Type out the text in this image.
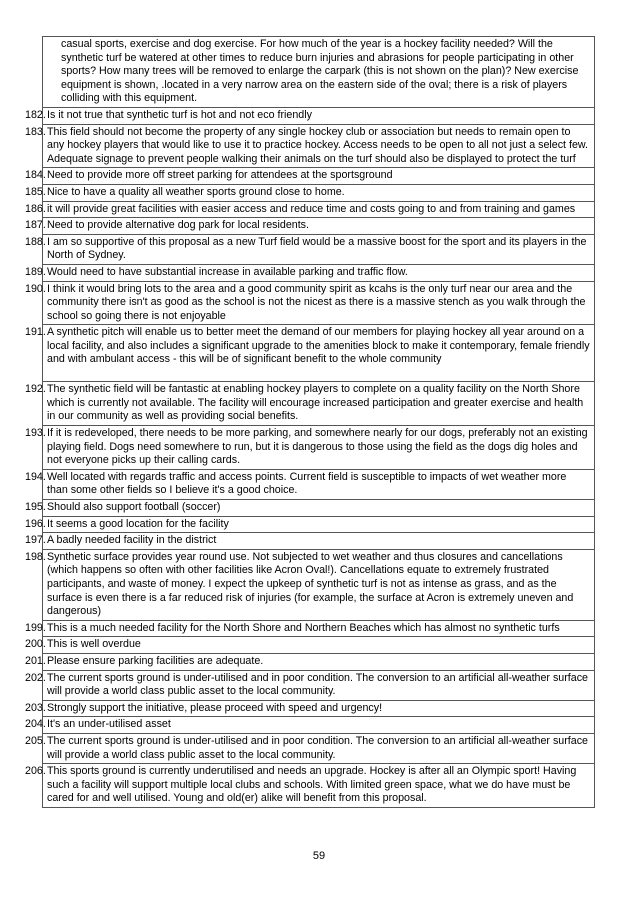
casual sports, exercise and dog exercise. For how much of the year is a hockey facility needed? Will the synthetic turf be watered at other times to reduce burn injuries and abrasions for people participating in other sports? How many trees will be removed to enlarge the carpark (this is not shown on the plan)? New exercise equipment is shown, .located in a very narrow area on the eastern side of the oval; there is a risk of players colliding with this equipment.
182.Is it not true that synthetic turf is hot and not eco friendly
183.This field should not become the property of any single hockey club or association but needs to remain open to any hockey players that would like to use it to practice hockey. Access needs to be open to all not just a select few. Adequate signage to prevent people walking their animals on the turf should also be displayed to protect the turf
184.Need to provide more off street parking for attendees at the sportsground
185.Nice to have a quality all weather sports ground close to home.
186.it will provide great facilities with easier access and reduce time and costs going to and from training and games
187.Need to provide alternative dog park for local residents.
188.I am so supportive of this proposal as a new Turf field would be a massive boost for the sport and its players in the North of Sydney.
189.Would need to have substantial increase in available parking and traffic flow.
190.I think it would bring lots to the area and a good community spirit as kcahs is the only turf near our area and the community there isn't as good as the school is not the nicest as there is a massive stench as you walk through the school so going there is not enjoyable
191.A synthetic pitch will enable us to better meet the demand of our members for playing hockey all year around on a local facility, and also includes a significant upgrade to the amenities block to make it contemporary, female friendly and with ambulant access - this will be of significant benefit to the whole community
192.The synthetic field will be fantastic at enabling hockey players to complete on a quality facility on the North Shore which is currently not available. The facility will encourage increased participation and greater exercise and health in our community as well as providing social benefits.
193.If it is redeveloped, there needs to be more parking, and somewhere nearly for our dogs, preferably not an existing playing field. Dogs need somewhere to run, but it is dangerous to those using the field as the dogs dig holes and not everyone picks up their calling cards.
194.Well located with regards traffic and access points. Current field is susceptible to impacts of wet weather more than some other fields so I believe it's a good choice.
195.Should also support football (soccer)
196.It seems a good location for the facility
197.A badly needed facility in the district
198.Synthetic surface provides year round use. Not subjected to wet weather and thus closures and cancellations (which happens so often with other facilities like Acron Oval!). Cancellations equate to extremely frustrated participants, and waste of money. I expect the upkeep of synthetic turf is not as intense as grass, and as the surface is even there is a far reduced risk of injuries (for example, the surface at Acron is extremely uneven and dangerous)
199.This is a much needed facility for the North Shore and Northern Beaches which has almost no synthetic turfs
200.This is well overdue
201.Please ensure parking facilities are adequate.
202.The current sports ground is under-utilised and in poor condition. The conversion to an artificial all-weather surface will provide a world class public asset to the local community.
203.Strongly support the initiative, please proceed with speed and urgency!
204.It's an under-utilised asset
205.The current sports ground is under-utilised and in poor condition. The conversion to an artificial all-weather surface will provide a world class public asset to the local community.
206.This sports ground is currently underutilised and needs an upgrade. Hockey is after all an Olympic sport! Having such a facility will support multiple local clubs and schools. With limited green space, what we do have must be cared for and well utilised. Young and old(er) alike will benefit from this proposal.
59
